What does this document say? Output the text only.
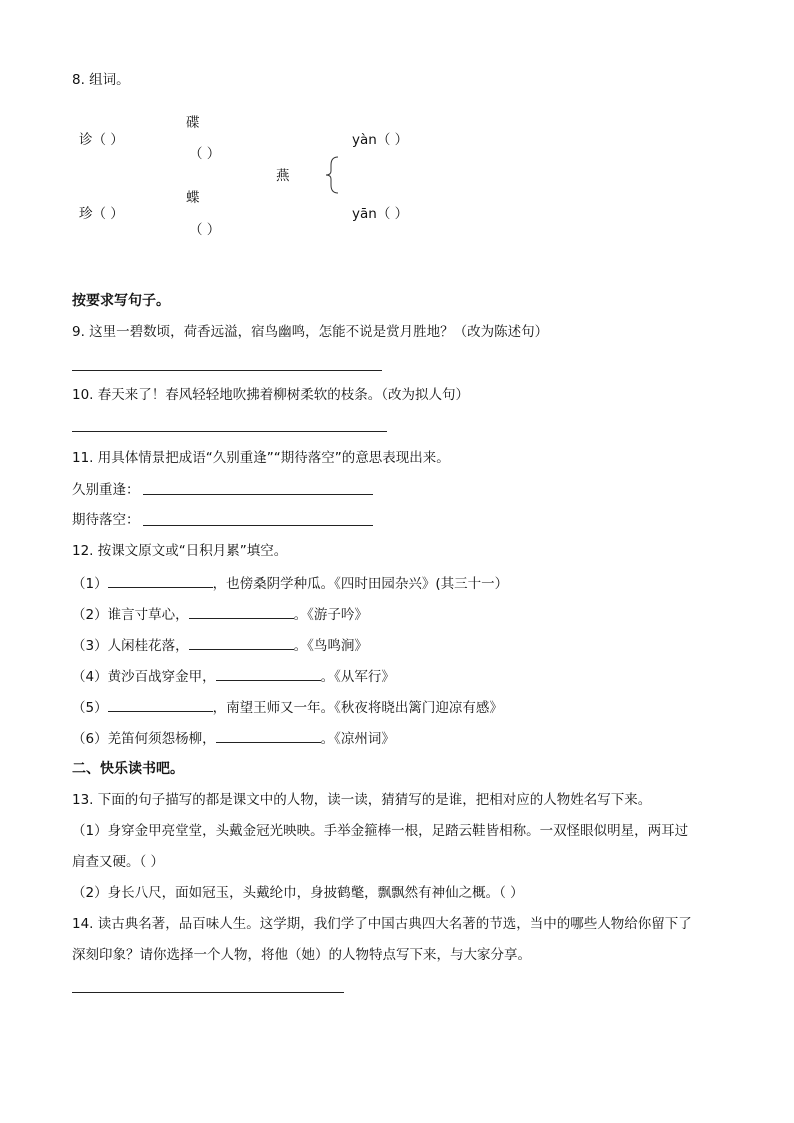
8. 组词。
碟
诊（ ）
（ ）
yàn（ ）
燕
蝶
珍（ ）	yān（ ）
（ ）
按要求写句子。
9. 这里一碧数顷，荷香远溢，宿鸟幽鸣，怎能不说是赏月胜地？（改为陈述句）
10. 春天来了！春风轻轻地吹拂着柳树柔软的枝条。（改为拟人句）
11. 用具体情景把成语“久别重逢”“期待落空”的意思表现出来。
久别重逢：
期待落空：
12. 按课文原文或“日积月累”填空。
（1）	，也傍桑阴学种瓜。《四时田园杂兴》(其三十一）
（2）谁言寸草心，	。《游子吟》
（3）人闲桂花落，	。《鸟鸣涧》
（4）黄沙百战穿金甲，	。《从军行》
（5）	，南望王师又一年。《秋夜将晓出篱门迎凉有感》
（6）羌笛何须怨杨柳，	。《凉州词》
二、快乐读书吧。
13. 下面的句子描写的都是课文中的人物，读一读，猜猜写的是谁，把相对应的人物姓名写下来。
（1）身穿金甲亮堂堂，头戴金冠光映映。手举金箍棒一根，足踏云鞋皆相称。一双怪眼似明星，两耳过
肩查又硬。（ ）
（2）身长八尺，面如冠玉，头戴纶巾，身披鹤氅，飘飘然有神仙之概。（ ）
14. 读古典名著，品百味人生。这学期，我们学了中国古典四大名著的节选，当中的哪些人物给你留下了
深刻印象？请你选择一个人物，将他（她）的人物特点写下来，与大家分享。
